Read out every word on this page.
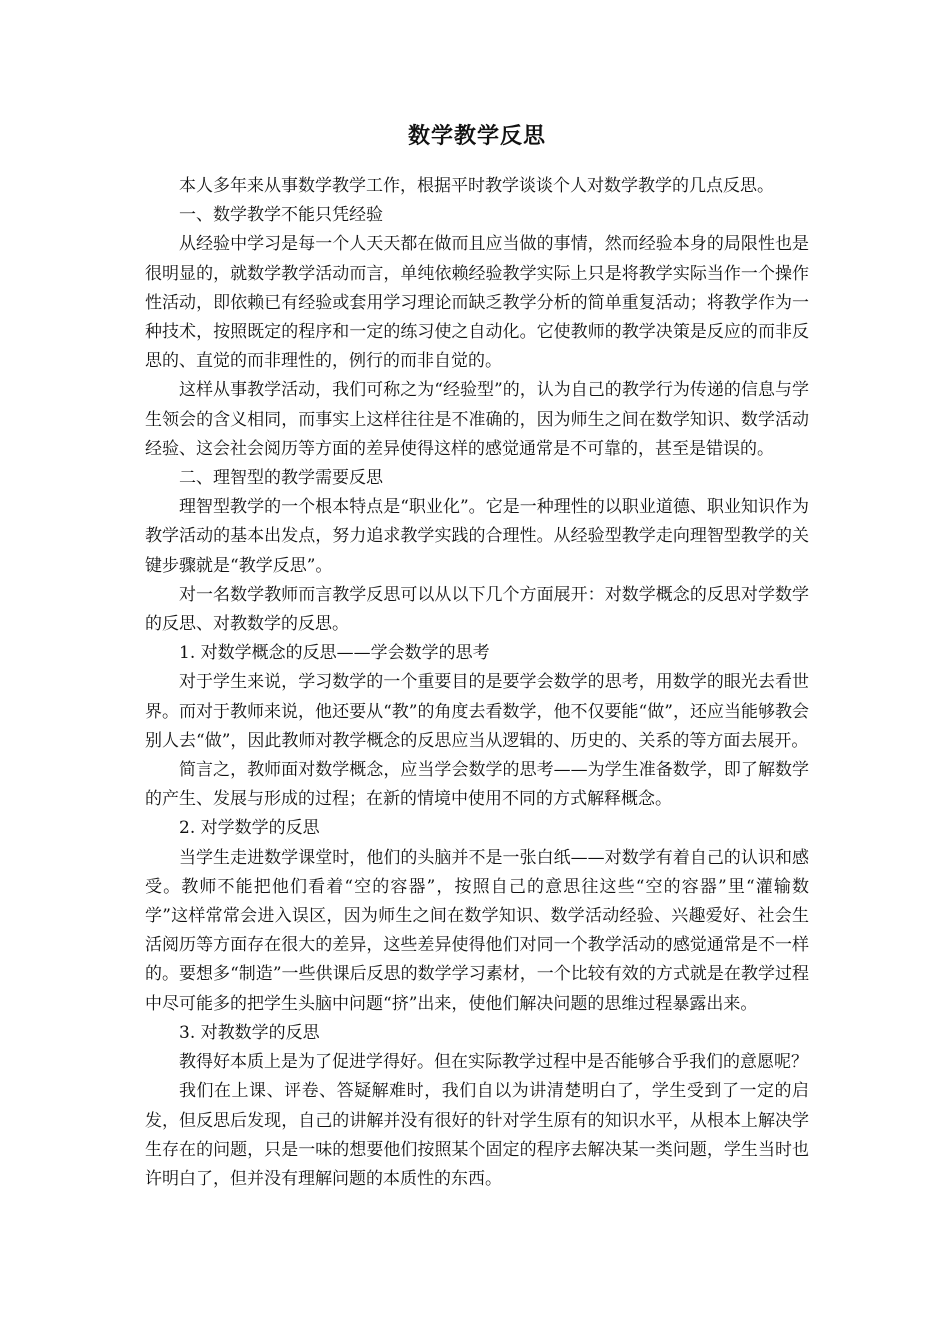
数学教学反思

本人多年来从事数学教学工作，根据平时教学谈谈个人对数学教学的几点反思。

一、数学教学不能只凭经验

从经验中学习是每一个人天天都在做而且应当做的事情，然而经验本身的局限性也是很明显的，就数学教学活动而言，单纯依赖经验教学实际上只是将教学实际当作一个操作性活动，即依赖已有经验或套用学习理论而缺乏教学分析的简单重复活动；将教学作为一种技术，按照既定的程序和一定的练习使之自动化。它使教师的教学决策是反应的而非反思的、直觉的而非理性的，例行的而非自觉的。

这样从事教学活动，我们可称之为“经验型”的，认为自己的教学行为传递的信息与学生领会的含义相同，而事实上这样往往是不准确的，因为师生之间在数学知识、数学活动经验、这会社会阅历等方面的差异使得这样的感觉通常是不可靠的，甚至是错误的。

二、理智型的教学需要反思

理智型教学的一个根本特点是“职业化”。它是一种理性的以职业道德、职业知识作为教学活动的基本出发点，努力追求教学实践的合理性。从经验型教学走向理智型教学的关键步骤就是“教学反思”。

对一名数学教师而言教学反思可以从以下几个方面展开：对数学概念的反思对学数学的反思、对教数学的反思。

1. 对数学概念的反思——学会数学的思考

对于学生来说，学习数学的一个重要目的是要学会数学的思考，用数学的眼光去看世界。而对于教师来说，他还要从“教”的角度去看数学，他不仅要能“做”，还应当能够教会别人去“做”，因此教师对教学概念的反思应当从逻辑的、历史的、关系的等方面去展开。

简言之，教师面对数学概念，应当学会数学的思考——为学生准备数学，即了解数学的产生、发展与形成的过程；在新的情境中使用不同的方式解释概念。

2. 对学数学的反思

当学生走进数学课堂时，他们的头脑并不是一张白纸——对数学有着自己的认识和感受。教师不能把他们看着“空的容器”，按照自己的意思往这些“空的容器”里“灌输数学”这样常常会进入误区，因为师生之间在数学知识、数学活动经验、兴趣爱好、社会生活阅历等方面存在很大的差异，这些差异使得他们对同一个教学活动的感觉通常是不一样的。要想多“制造”一些供课后反思的数学学习素材，一个比较有效的方式就是在教学过程中尽可能多的把学生头脑中问题“挤”出来，使他们解决问题的思维过程暴露出来。

3. 对教数学的反思

教得好本质上是为了促进学得好。但在实际教学过程中是否能够合乎我们的意愿呢？

我们在上课、评卷、答疑解难时，我们自以为讲清楚明白了，学生受到了一定的启发，但反思后发现，自己的讲解并没有很好的针对学生原有的知识水平，从根本上解决学生存在的问题，只是一味的想要他们按照某个固定的程序去解决某一类问题，学生当时也许明白了，但并没有理解问题的本质性的东西。
